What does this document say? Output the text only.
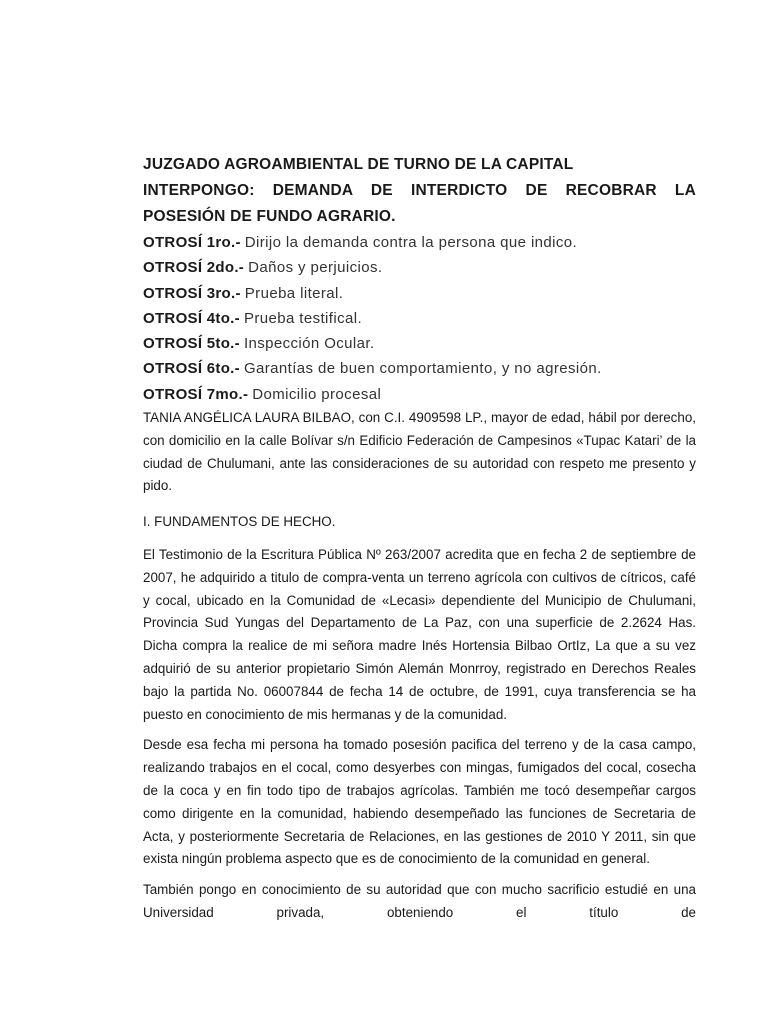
JUZGADO AGROAMBIENTAL DE TURNO DE LA CAPITAL

INTERPONGO: DEMANDA DE INTERDICTO DE RECOBRAR LA POSESIÓN DE FUNDO AGRARIO.

OTROSÍ 1ro.- Dirijo la demanda contra la persona que indico.
OTROSÍ 2do.- Daños y perjuicios.
OTROSÍ 3ro.- Prueba literal.
OTROSÍ 4to.- Prueba testifical.
OTROSÍ 5to.- Inspección Ocular.
OTROSÍ 6to.- Garantías de buen comportamiento, y no agresión.
OTROSÍ 7mo.- Domicilio procesal

TANIA ANGÉLICA LAURA BILBAO, con C.I. 4909598 LP., mayor de edad, hábil por derecho, con domicilio en la calle Bolívar s/n Edificio Federación de Campesinos «Tupac Katari’ de la ciudad de Chulumani, ante las consideraciones de su autoridad con respeto me presento y pido.

I. FUNDAMENTOS DE HECHO.

El Testimonio de la Escritura Pública Nº 263/2007 acredita que en fecha 2 de septiembre de 2007, he adquirido a titulo de compra-venta un terreno agrícola con cultivos de cítricos, café y cocal, ubicado en la Comunidad de «Lecasi» dependiente del Municipio de Chulumani, Provincia Sud Yungas del Departamento de La Paz, con una superficie de 2.2624 Has. Dicha compra la realice de mi señora madre Inés Hortensia Bilbao OrtIz, La que a su vez adquirió de su anterior propietario Simón Alemán Monrroy, registrado en Derechos Reales bajo la partida No. 06007844 de fecha 14 de octubre, de 1991, cuya transferencia se ha puesto en conocimiento de mis hermanas y de la comunidad.

Desde esa fecha mi persona ha tomado posesión pacifica del terreno y de la casa campo, realizando trabajos en el cocal, como desyerbes con mingas, fumigados del cocal, cosecha de la coca y en fin todo tipo de trabajos agrícolas. También me tocó desempeñar cargos como dirigente en la comunidad, habiendo desempeñado las funciones de Secretaria de Acta, y posteriormente Secretaria de Relaciones, en las gestiones de 2010 Y 2011, sin que exista ningún problema aspecto que es de conocimiento de la comunidad en general.

También pongo en conocimiento de su autoridad que con mucho sacrificio estudié en una Universidad privada, obteniendo el título de
